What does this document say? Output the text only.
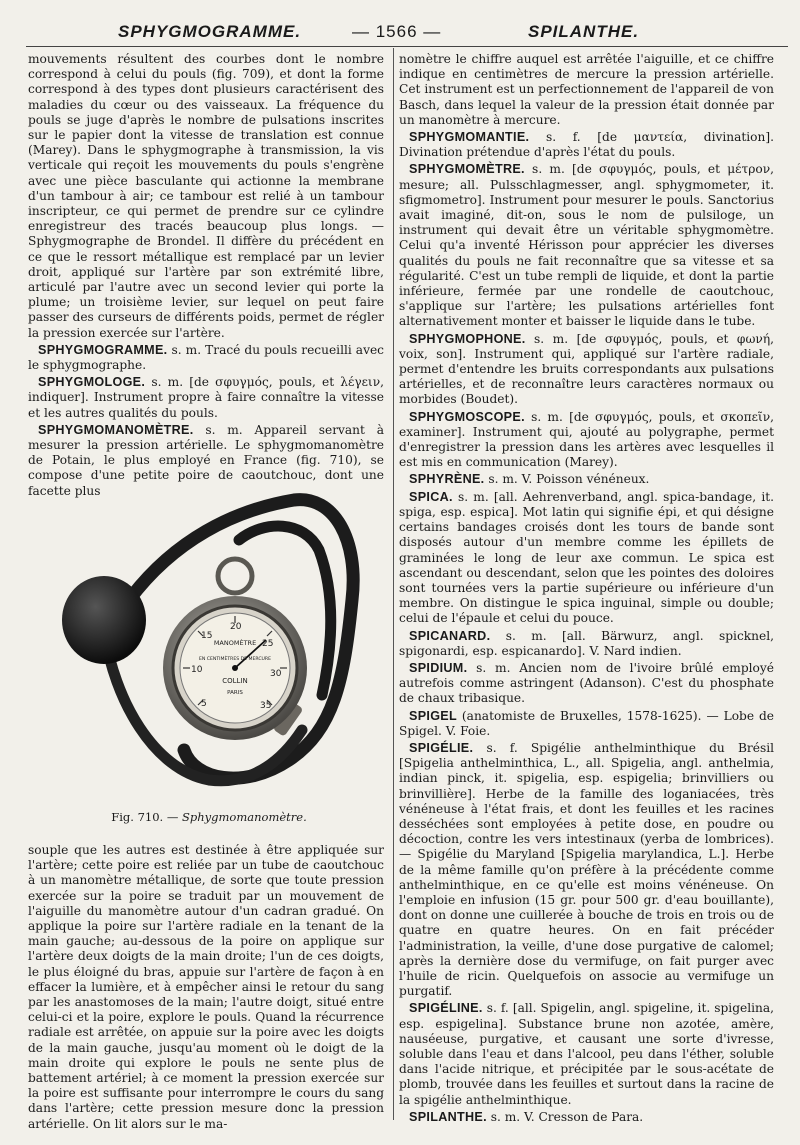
SPHYGMOGRAMME.	— 1566 —	SPILANTHE.

mouvements résultent des courbes dont le nombre correspond à celui du pouls (fig. 709), et dont la forme correspond à des types dont plusieurs caractérisent des maladies du cœur ou des vaisseaux. La fréquence du pouls se juge d'après le nombre de pulsations inscrites sur le papier dont la vitesse de translation est connue (Marey). Dans le sphygmographe à transmission, la vis verticale qui reçoit les mouvements du pouls s'engrène avec une pièce basculante qui actionne la membrane d'un tambour à air; ce tambour est relié à un tambour inscripteur, ce qui permet de prendre sur ce cylindre enregistreur des tracés beaucoup plus longs. — Sphygmographe de Brondel. Il diffère du précédent en ce que le ressort métallique est remplacé par un levier droit, appliqué sur l'artère par son extrémité libre, articulé par l'autre avec un second levier qui porte la plume; un troisième levier, sur lequel on peut faire passer des curseurs de différents poids, permet de régler la pression exercée sur l'artère.

SPHYGMOGRAMME. s. m. Tracé du pouls recueilli avec le sphygmographe.

SPHYGMOLOGE. s. m. [de σφυγμός, pouls, et λέγειν, indiquer]. Instrument propre à faire connaître la vitesse et les autres qualités du pouls.

SPHYGMOMANOMÈTRE. s. m. Appareil servant à mesurer la pression artérielle. Le sphygmomanomètre de Potain, le plus employé en France (fig. 710), se compose d'une petite poire de caoutchouc, dont une facette plus

15
20
25
30
35
10
5
MANOMÈTRE
EN CENTIMÈTRES DE MERCURE
COLLIN
PARIS
Fig. 710. — Sphygmomanomètre.

souple que les autres est destinée à être appliquée sur l'artère; cette poire est reliée par un tube de caoutchouc à un manomètre métallique, de sorte que toute pression exercée sur la poire se traduit par un mouvement de l'aiguille du manomètre autour d'un cadran gradué. On applique la poire sur l'artère radiale en la tenant de la main gauche; au-dessous de la poire on applique sur l'artère deux doigts de la main droite; l'un de ces doigts, le plus éloigné du bras, appuie sur l'artère de façon à en effacer la lumière, et à empêcher ainsi le retour du sang par les anastomoses de la main; l'autre doigt, situé entre celui-ci et la poire, explore le pouls. Quand la récurrence radiale est arrêtée, on appuie sur la poire avec les doigts de la main gauche, jusqu'au moment où le doigt de la main droite qui explore le pouls ne sente plus de battement artériel; à ce moment la pression exercée sur la poire est suffisante pour interrompre le cours du sang dans l'artère; cette pression mesure donc la pression artérielle. On lit alors sur le ma-

nomètre le chiffre auquel est arrêtée l'aiguille, et ce chiffre indique en centimètres de mercure la pression artérielle. Cet instrument est un perfectionnement de l'appareil de von Basch, dans lequel la valeur de la pression était donnée par un manomètre à mercure.

SPHYGMOMANTIE. s. f. [de μαντεία, divination]. Divination prétendue d'après l'état du pouls.

SPHYGMOMÈTRE. s. m. [de σφυγμός, pouls, et μέτρον, mesure; all. Pulsschlagmesser, angl. sphygmometer, it. sfigmometro]. Instrument pour mesurer le pouls. Sanctorius avait imaginé, dit-on, sous le nom de pulsiloge, un instrument qui devait être un véritable sphygmomètre. Celui qu'a inventé Hérisson pour apprécier les diverses qualités du pouls ne fait reconnaître que sa vitesse et sa régularité. C'est un tube rempli de liquide, et dont la partie inférieure, fermée par une rondelle de caoutchouc, s'applique sur l'artère; les pulsations artérielles font alternativement monter et baisser le liquide dans le tube.

SPHYGMOPHONE. s. m. [de σφυγμός, pouls, et φωνή, voix, son]. Instrument qui, appliqué sur l'artère radiale, permet d'entendre les bruits correspondants aux pulsations artérielles, et de reconnaître leurs caractères normaux ou morbides (Boudet).

SPHYGMOSCOPE. s. m. [de σφυγμός, pouls, et σκοπεῖν, examiner]. Instrument qui, ajouté au polygraphe, permet d'enregistrer la pression dans les artères avec lesquelles il est mis en communication (Marey).

SPHYRÈNE. s. m. V. Poisson vénéneux.

SPICA. s. m. [all. Aehrenverband, angl. spica-bandage, it. spiga, esp. espica]. Mot latin qui signifie épi, et qui désigne certains bandages croisés dont les tours de bande sont disposés autour d'un membre comme les épillets de graminées le long de leur axe commun. Le spica est ascendant ou descendant, selon que les pointes des doloires sont tournées vers la partie supérieure ou inférieure d'un membre. On distingue le spica inguinal, simple ou double; celui de l'épaule et celui du pouce.

SPICANARD. s. m. [all. Bärwurz, angl. spicknel, spigonardi, esp. espicanardo]. V. Nard indien.

SPIDIUM. s. m. Ancien nom de l'ivoire brûlé employé autrefois comme astringent (Adanson). C'est du phosphate de chaux tribasique.

SPIGEL (anatomiste de Bruxelles, 1578-1625). — Lobe de Spigel. V. Foie.

SPIGÉLIE. s. f. Spigélie anthelminthique du Brésil [Spigelia anthelminthica, L., all. Spigelia, angl. anthelmia, indian pinck, it. spigelia, esp. espigelia; brinvilliers ou brinvillière]. Herbe de la famille des loganiacées, très vénéneuse à l'état frais, et dont les feuilles et les racines desséchées sont employées à petite dose, en poudre ou décoction, contre les vers intestinaux (yerba de lombrices). — Spigélie du Maryland [Spigelia marylandica, L.]. Herbe de la même famille qu'on préfère à la précédente comme anthelminthique, en ce qu'elle est moins vénéneuse. On l'emploie en infusion (15 gr. pour 500 gr. d'eau bouillante), dont on donne une cuillerée à bouche de trois en trois ou de quatre en quatre heures. On en fait précéder l'administration, la veille, d'une dose purgative de calomel; après la dernière dose du vermifuge, on fait purger avec l'huile de ricin. Quelquefois on associe au vermifuge un purgatif.

SPIGÉLINE. s. f. [all. Spigelin, angl. spigeline, it. spigelina, esp. espigelina]. Substance brune non azotée, amère, nauséeuse, purgative, et causant une sorte d'ivresse, soluble dans l'eau et dans l'alcool, peu dans l'éther, soluble dans l'acide nitrique, et précipitée par le sous-acétate de plomb, trouvée dans les feuilles et surtout dans la racine de la spigélie anthelminthique.

SPILANTHE. s. m. V. Cresson de Para.
